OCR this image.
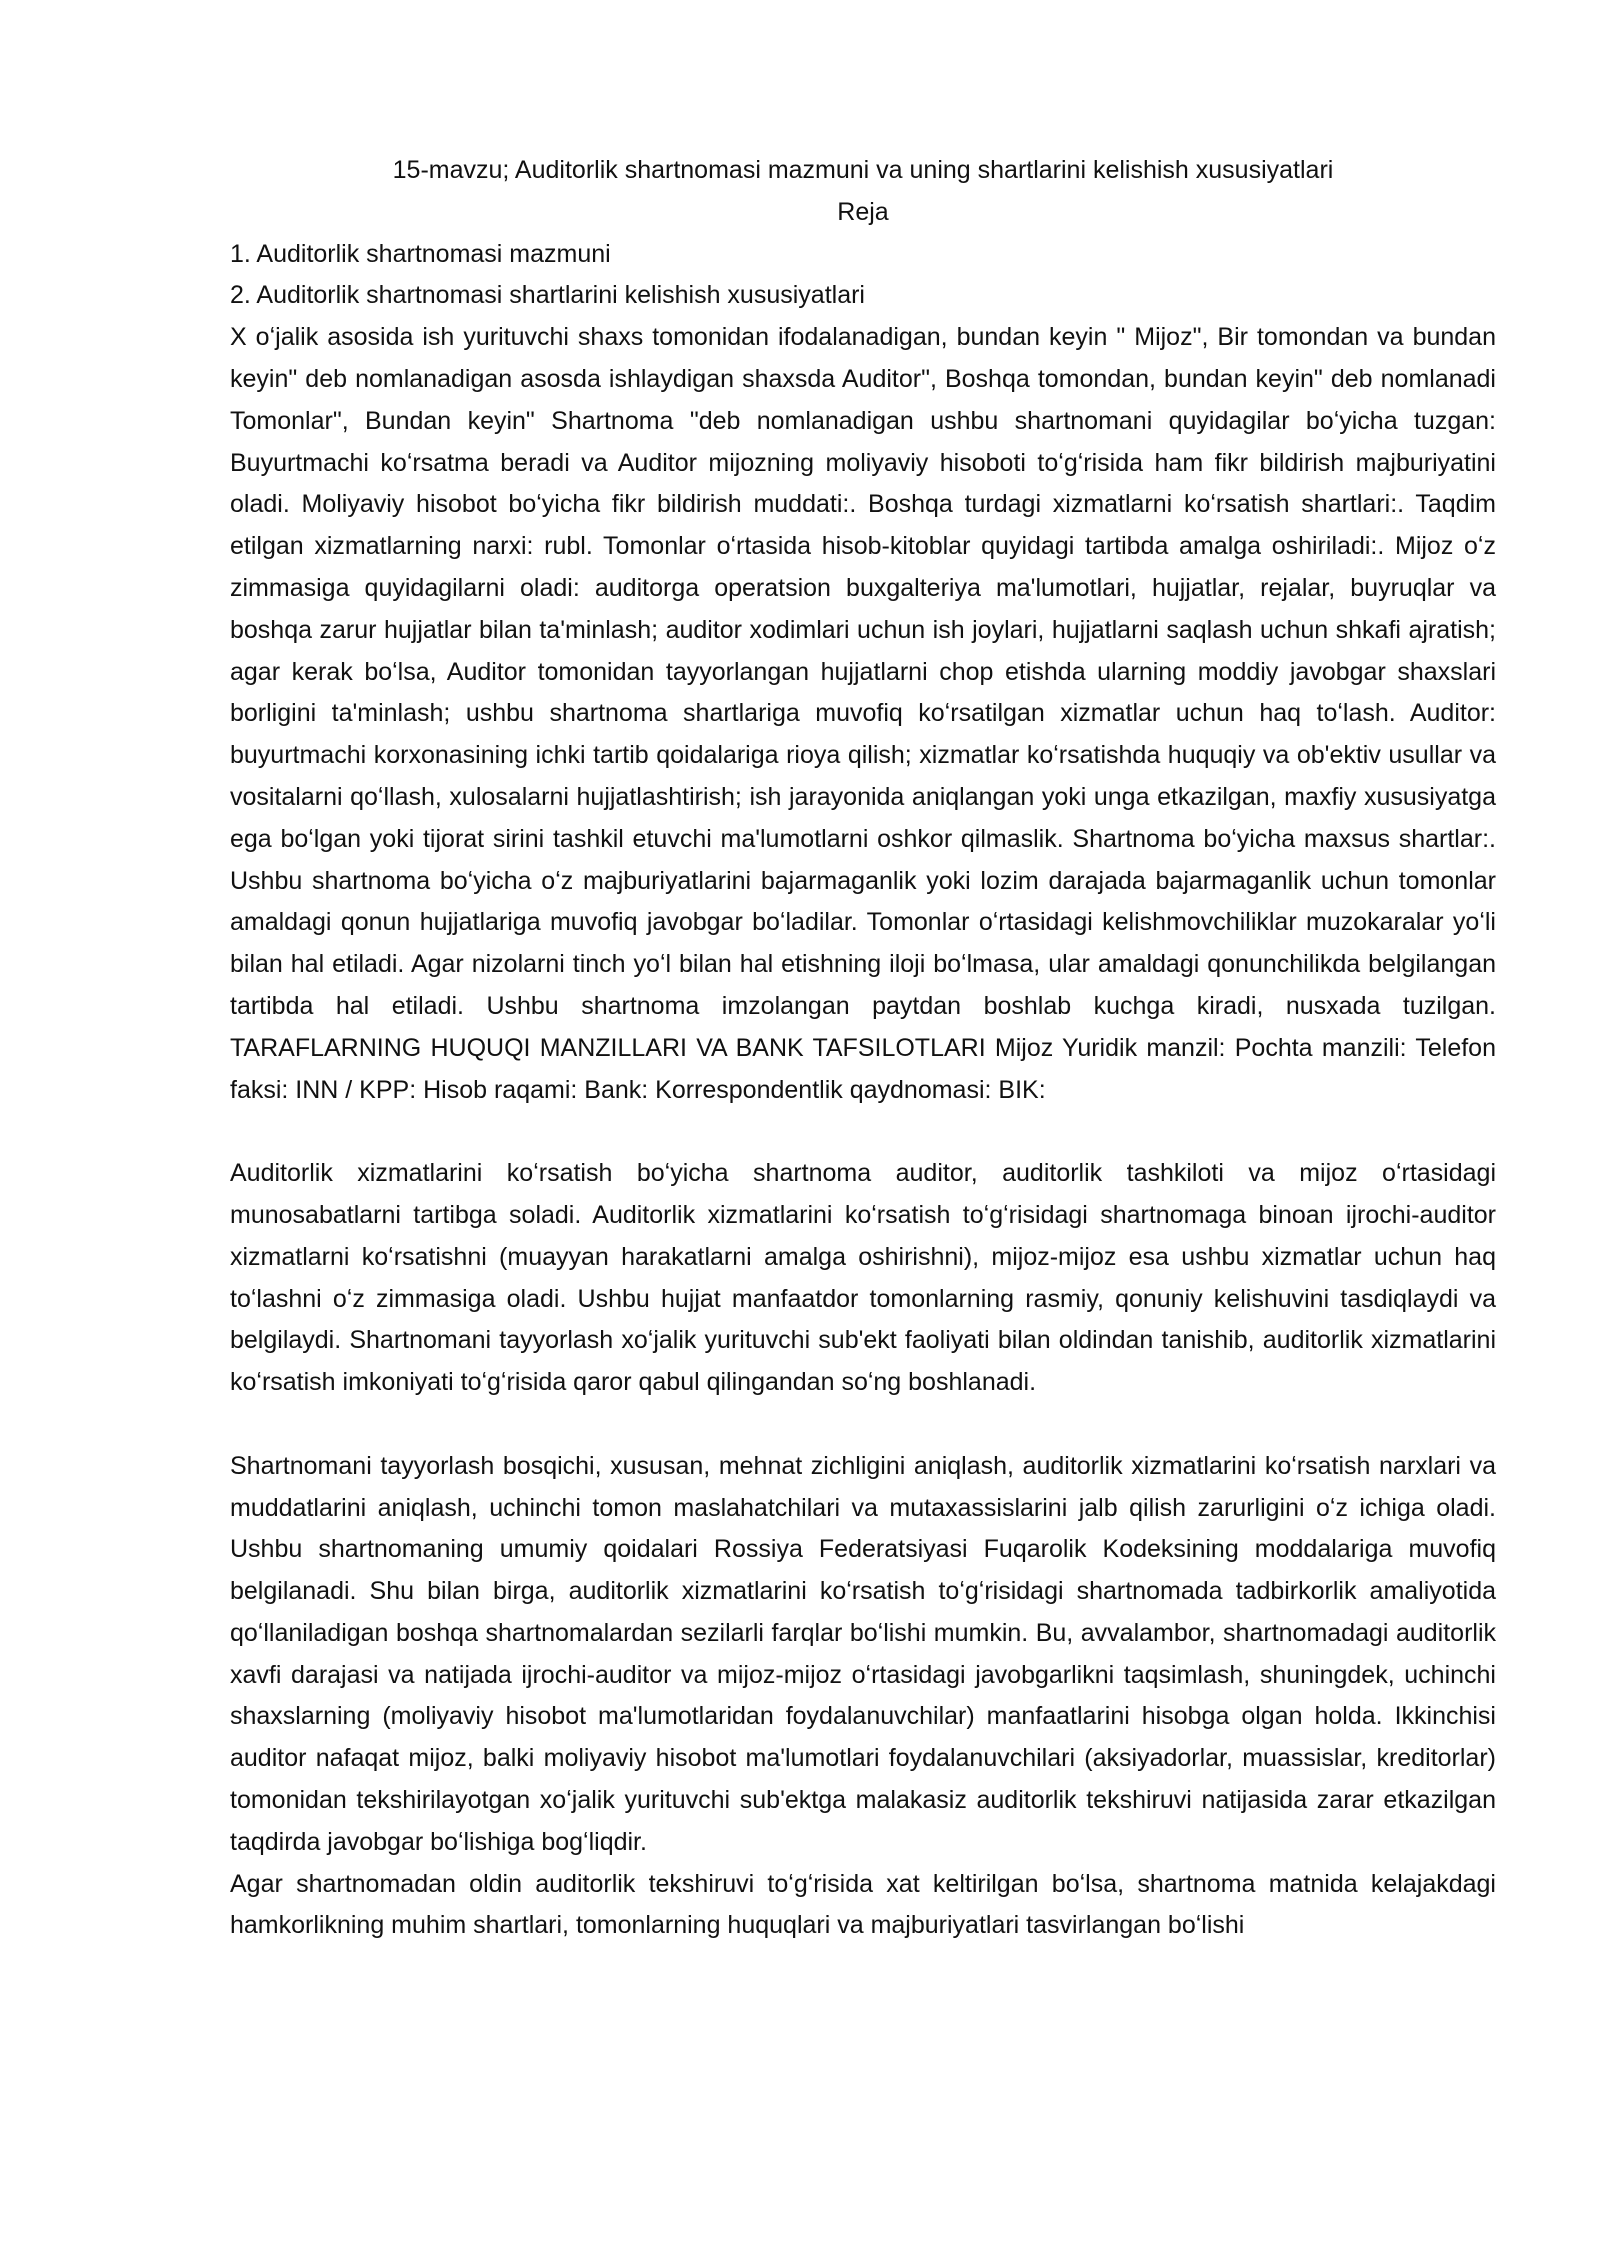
15-mavzu; Auditorlik shartnomasi mazmuni va uning shartlarini kelishish xususiyatlari

Reja

1. Auditorlik shartnomasi mazmuni

2. Auditorlik shartnomasi shartlarini kelishish xususiyatlari

X oʻjalik asosida ish yurituvchi shaxs tomonidan ifodalanadigan, bundan keyin " Mijoz", Bir tomondan va bundan keyin" deb nomlanadigan asosda ishlaydigan shaxsda Auditor", Boshqa tomondan, bundan keyin" deb nomlanadi Tomonlar", Bundan keyin" Shartnoma "deb nomlanadigan ushbu shartnomani quyidagilar boʻyicha tuzgan: Buyurtmachi koʻrsatma beradi va Auditor mijozning moliyaviy hisoboti toʻgʻrisida ham fikr bildirish majburiyatini oladi. Moliyaviy hisobot boʻyicha fikr bildirish muddati:. Boshqa turdagi xizmatlarni koʻrsatish shartlari:. Taqdim etilgan xizmatlarning narxi: rubl. Tomonlar oʻrtasida hisob-kitoblar quyidagi tartibda amalga oshiriladi:. Mijoz oʻz zimmasiga quyidagilarni oladi: auditorga operatsion buxgalteriya ma'lumotlari, hujjatlar, rejalar, buyruqlar va boshqa zarur hujjatlar bilan ta'minlash; auditor xodimlari uchun ish joylari, hujjatlarni saqlash uchun shkafi ajratish; agar kerak boʻlsa, Auditor tomonidan tayyorlangan hujjatlarni chop etishda ularning moddiy javobgar shaxslari borligini ta'minlash; ushbu shartnoma shartlariga muvofiq koʻrsatilgan xizmatlar uchun haq toʻlash. Auditor: buyurtmachi korxonasining ichki tartib qoidalariga rioya qilish; xizmatlar koʻrsatishda huquqiy va ob'ektiv usullar va vositalarni qoʻllash, xulosalarni hujjatlashtirish; ish jarayonida aniqlangan yoki unga etkazilgan, maxfiy xususiyatga ega boʻlgan yoki tijorat sirini tashkil etuvchi ma'lumotlarni oshkor qilmaslik. Shartnoma boʻyicha maxsus shartlar:. Ushbu shartnoma boʻyicha oʻz majburiyatlarini bajarmaganlik yoki lozim darajada bajarmaganlik uchun tomonlar amaldagi qonun hujjatlariga muvofiq javobgar boʻladilar. Tomonlar oʻrtasidagi kelishmovchiliklar muzokaralar yoʻli bilan hal etiladi. Agar nizolarni tinch yoʻl bilan hal etishning iloji boʻlmasa, ular amaldagi qonunchilikda belgilangan tartibda hal etiladi. Ushbu shartnoma imzolangan paytdan boshlab kuchga kiradi, nusxada tuzilgan. TARAFLARNING HUQUQI MANZILLARI VA BANK TAFSILOTLARI Mijoz Yuridik manzil: Pochta manzili: Telefon faksi: INN / KPP: Hisob raqami: Bank: Korrespondentlik qaydnomasi: BIK:

Auditorlik xizmatlarini koʻrsatish boʻyicha shartnoma auditor, auditorlik tashkiloti va mijoz oʻrtasidagi munosabatlarni tartibga soladi. Auditorlik xizmatlarini koʻrsatish toʻgʻrisidagi shartnomaga binoan ijrochi-auditor xizmatlarni koʻrsatishni (muayyan harakatlarni amalga oshirishni), mijoz-mijoz esa ushbu xizmatlar uchun haq toʻlashni oʻz zimmasiga oladi. Ushbu hujjat manfaatdor tomonlarning rasmiy, qonuniy kelishuvini tasdiqlaydi va belgilaydi. Shartnomani tayyorlash xoʻjalik yurituvchi sub'ekt faoliyati bilan oldindan tanishib, auditorlik xizmatlarini koʻrsatish imkoniyati toʻgʻrisida qaror qabul qilingandan soʻng boshlanadi.

Shartnomani tayyorlash bosqichi, xususan, mehnat zichligini aniqlash, auditorlik xizmatlarini koʻrsatish narxlari va muddatlarini aniqlash, uchinchi tomon maslahatchilari va mutaxassislarini jalb qilish zarurligini oʻz ichiga oladi. Ushbu shartnomaning umumiy qoidalari Rossiya Federatsiyasi Fuqarolik Kodeksining moddalariga muvofiq belgilanadi. Shu bilan birga, auditorlik xizmatlarini koʻrsatish toʻgʻrisidagi shartnomada tadbirkorlik amaliyotida qoʻllaniladigan boshqa shartnomalardan sezilarli farqlar boʻlishi mumkin. Bu, avvalambor, shartnomadagi auditorlik xavfi darajasi va natijada ijrochi-auditor va mijoz-mijoz oʻrtasidagi javobgarlikni taqsimlash, shuningdek, uchinchi shaxslarning (moliyaviy hisobot ma'lumotlaridan foydalanuvchilar) manfaatlarini hisobga olgan holda. Ikkinchisi auditor nafaqat mijoz, balki moliyaviy hisobot ma'lumotlari foydalanuvchilari (aksiyadorlar, muassislar, kreditorlar) tomonidan tekshirilayotgan xoʻjalik yurituvchi sub'ektga malakasiz auditorlik tekshiruvi natijasida zarar etkazilgan taqdirda javobgar boʻlishiga bogʻliqdir.

Agar shartnomadan oldin auditorlik tekshiruvi toʻgʻrisida xat keltirilgan boʻlsa, shartnoma matnida kelajakdagi hamkorlikning muhim shartlari, tomonlarning huquqlari va majburiyatlari tasvirlangan boʻlishi
